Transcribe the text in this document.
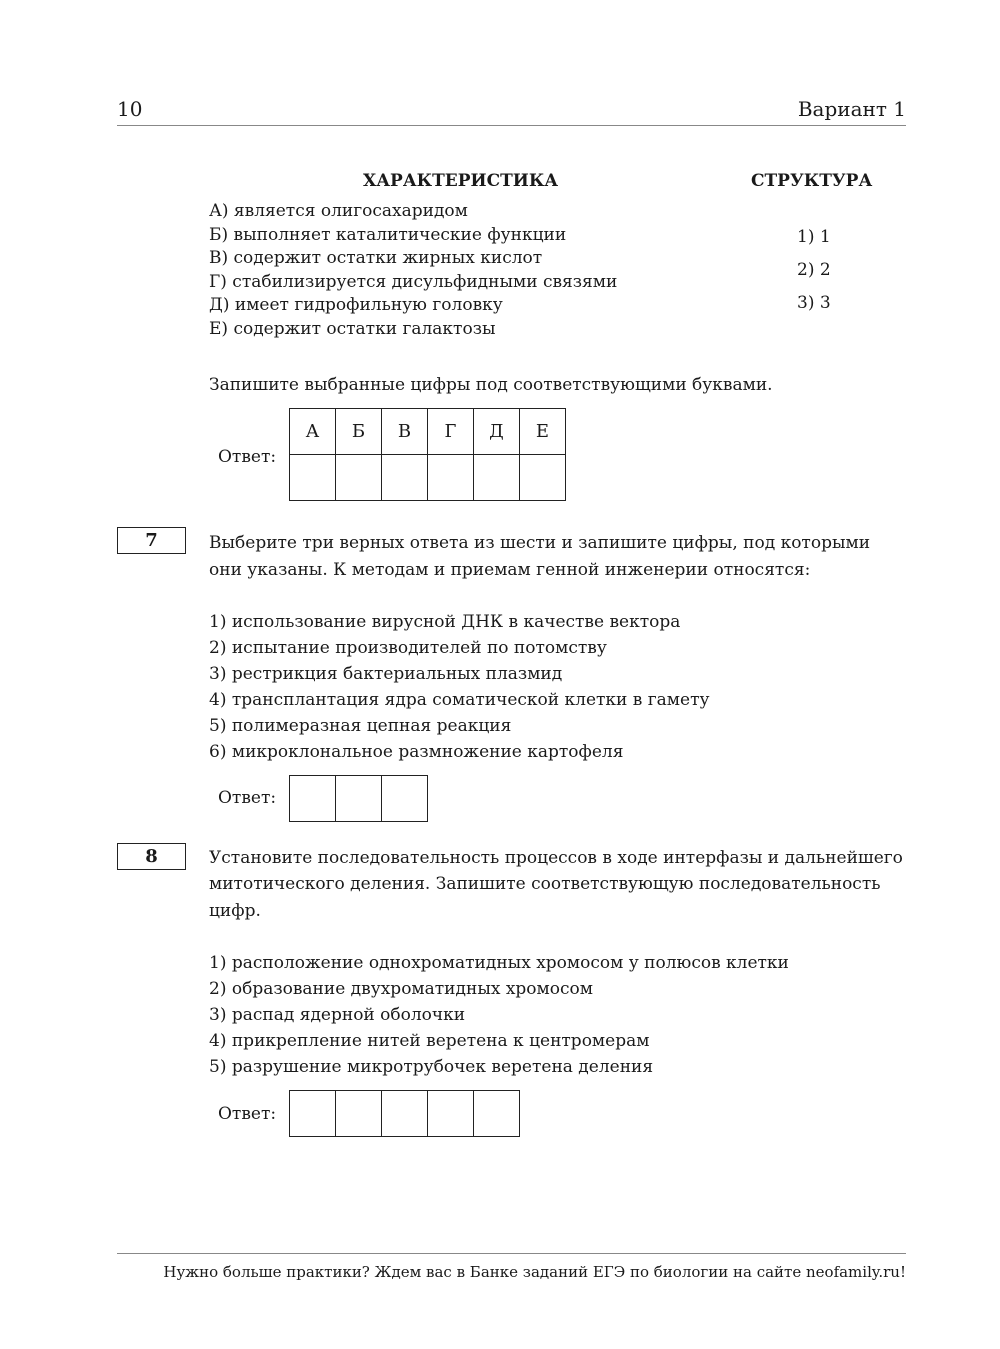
10	Вариант 1
ХАРАКТЕРИСТИКА	СТРУКТУРА
А) является олигосахаридом
Б) выполняет каталитические функции
В) содержит остатки жирных кислот
Г) стабилизируется дисульфидными связями
Д) имеет гидрофильную головку
Е) содержит остатки галактозы
1) 1
2) 2
3) 3
Запишите выбранные цифры под соответствующими буквами.
Ответ:
А	Б	В	Г	Д	Е

7	Выберите три верных ответа из шести и запишите цифры, под которыми
они указаны. К методам и приемам генной инженерии относятся:
1) использование вирусной ДНК в качестве вектора
2) испытание производителей по потомству
3) рестрикция бактериальных плазмид
4) трансплантация ядра соматической клетки в гамету
5) полимеразная цепная реакция
6) микроклональное размножение картофеля
Ответ:

8	Установите последовательность процессов в ходе интерфазы и дальнейшего
митотического деления. Запишите соответствующую последовательность
цифр.
1) расположение однохроматидных хромосом у полюсов клетки
2) образование двухроматидных хромосом
3) распад ядерной оболочки
4) прикрепление нитей веретена к центромерам
5) разрушение микротрубочек веретена деления
Ответ:

Нужно больше практики? Ждем вас в Банке заданий ЕГЭ по биологии на сайте neofamily.ru!
